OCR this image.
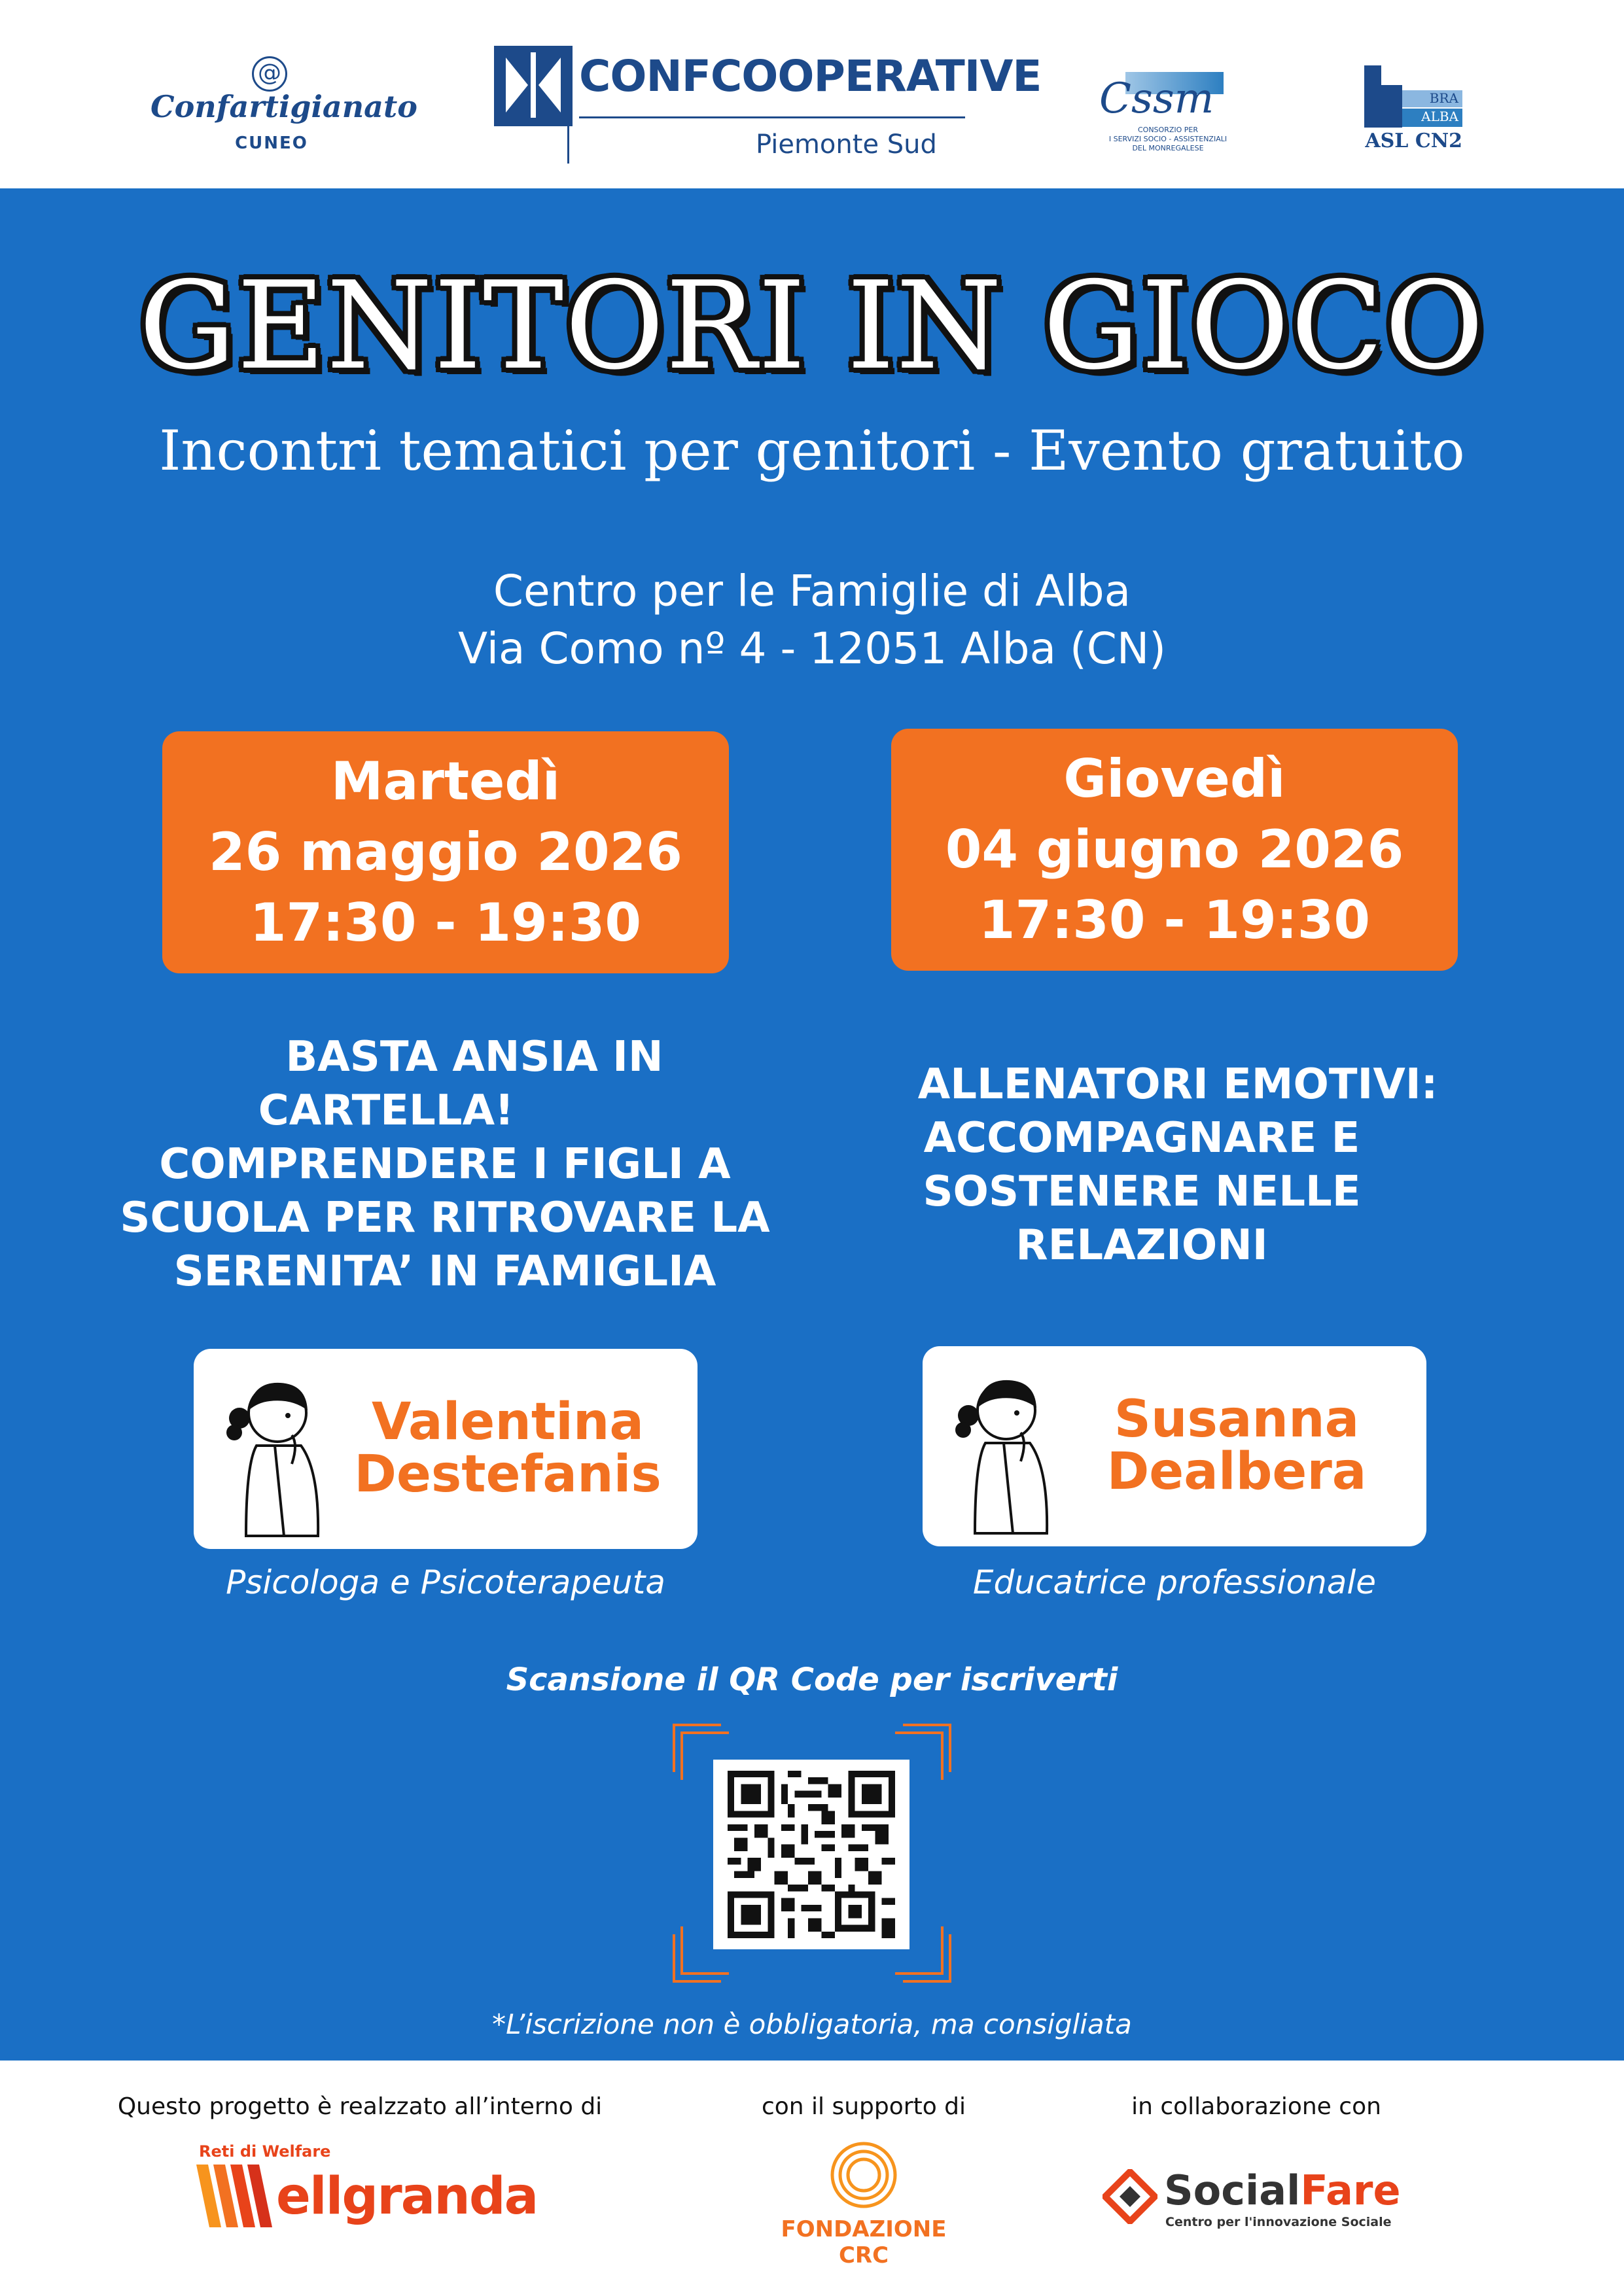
@
Confartigianato
CUNEO
CONFCOOPERATIVE
Piemonte Sud
Cssm
CONSORZIO PER
I SERVIZI SOCIO - ASSISTENZIALI
DEL MONREGALESE
BRA
ALBA
ASL CN2
GENITORI IN GIOCO
Incontri tematici per genitori - Evento gratuito
Centro per le Famiglie di Alba
Via Como nº 4 - 12051 Alba (CN)
Martedì
26 maggio 2026
17:30 - 19:30
Giovedì
04 giugno 2026
17:30 - 19:30
BASTA ANSIA IN
CARTELLA!
COMPRENDERE I FIGLI A
SCUOLA PER RITROVARE LA
SERENITA’ IN FAMIGLIA
ALLENATORI EMOTIVI:
ACCOMPAGNARE E
SOSTENERE NELLE
RELAZIONI
Valentina
Destefanis
Susanna
Dealbera
Psicologa e Psicoterapeuta	Educatrice professionale
Scansione il QR Code per iscriverti
*L’iscrizione non è obbligatoria, ma consigliata
Questo progetto è realzzato all’interno di	con il supporto di	in collaborazione con
Reti di Welfare
ellgranda
FONDAZIONE CRC
SocialFare
Centro per l'innovazione Sociale
